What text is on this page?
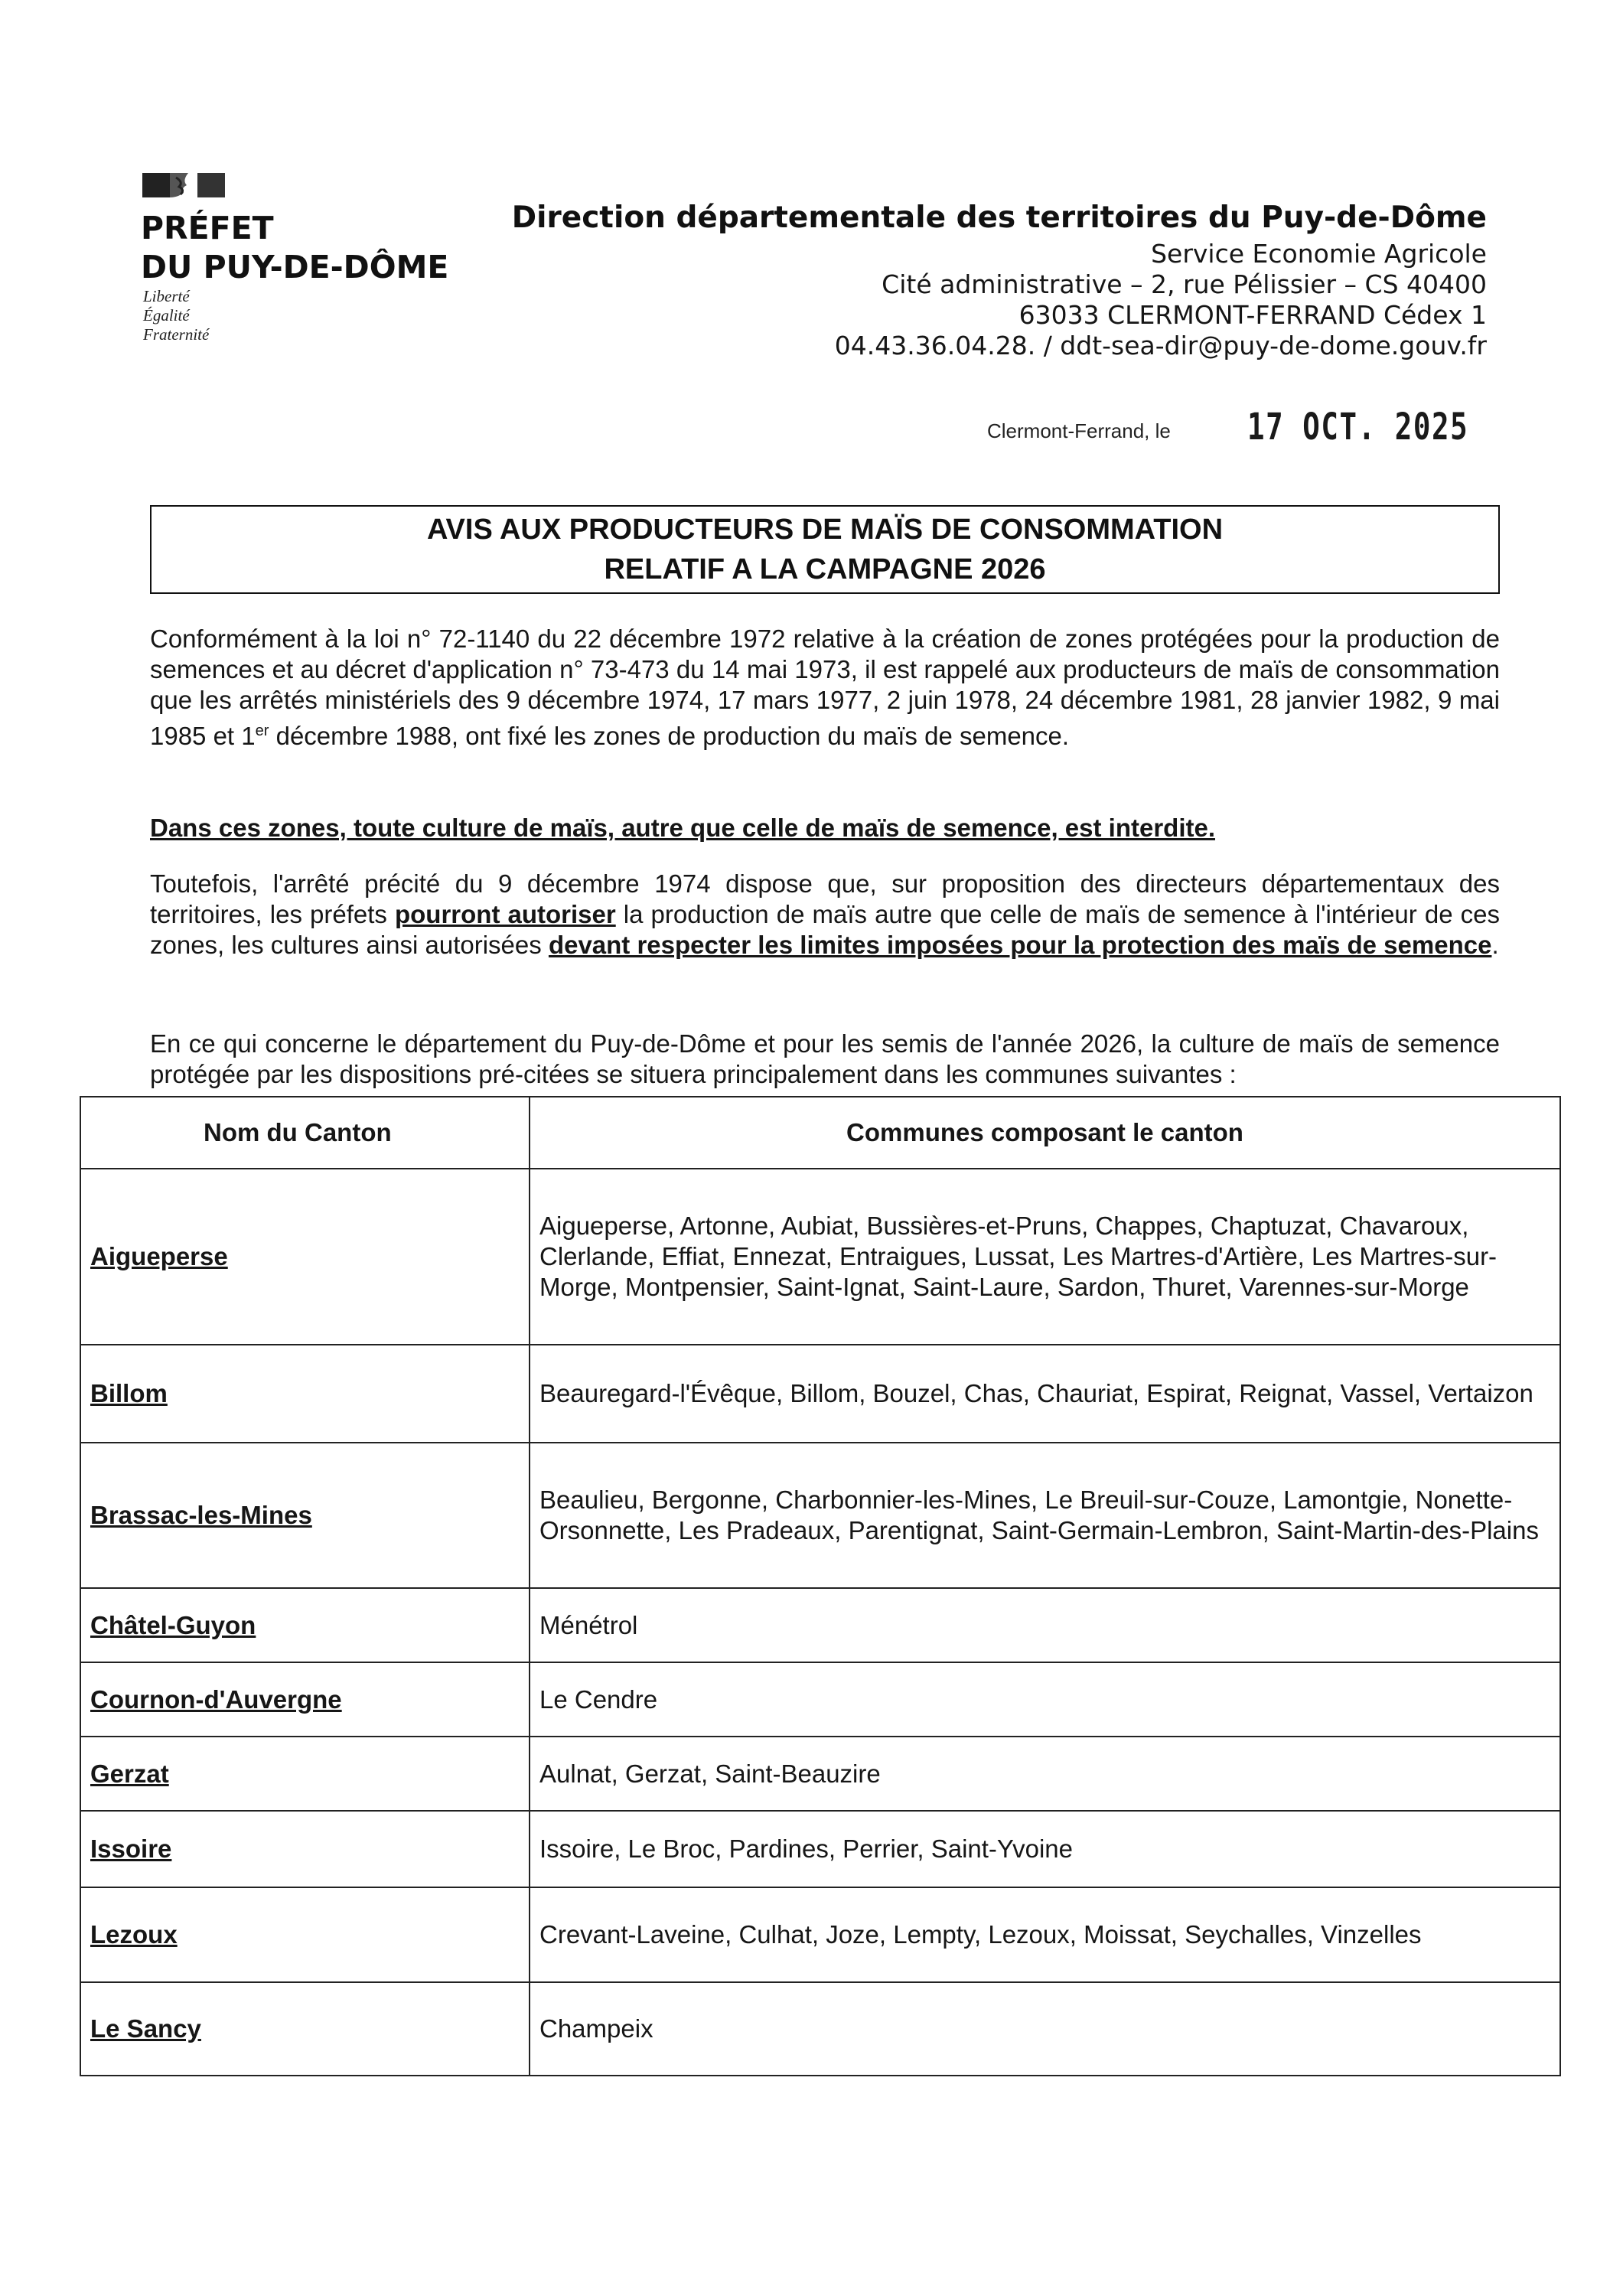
PRÉFET
DU PUY-DE-DÔME
Liberté
Égalité
Fraternité
Direction départementale des territoires du Puy-de-Dôme
Service Economie Agricole
Cité administrative – 2, rue Pélissier – CS 40400
63033 CLERMONT-FERRAND Cédex 1
04.43.36.04.28. / ddt-sea-dir@puy-de-dome.gouv.fr
Clermont-Ferrand, le 17 OCT. 2025
AVIS AUX PRODUCTEURS DE MAÏS DE CONSOMMATION
RELATIF A LA CAMPAGNE 2026
Conformément à la loi n° 72-1140 du 22 décembre 1972 relative à la création de zones protégées pour la production de semences et au décret d'application n° 73-473 du 14 mai 1973, il est rappelé aux producteurs de maïs de consommation que les arrêtés ministériels des 9 décembre 1974, 17 mars 1977, 2 juin 1978, 24 décembre 1981, 28 janvier 1982, 9 mai 1985 et 1er décembre 1988, ont fixé les zones de production du maïs de semence.
Dans ces zones, toute culture de maïs, autre que celle de maïs de semence, est interdite.
Toutefois, l'arrêté précité du 9 décembre 1974 dispose que, sur proposition des directeurs départementaux des territoires, les préfets pourront autoriser la production de maïs autre que celle de maïs de semence à l'intérieur de ces zones, les cultures ainsi autorisées devant respecter les limites imposées pour la protection des maïs de semence.
En ce qui concerne le département du Puy-de-Dôme et pour les semis de l'année 2026, la culture de maïs de semence protégée par les dispositions pré-citées se situera principalement dans les communes suivantes :
Nom du Canton	Communes composant le canton
Aigueperse	Aigueperse, Artonne, Aubiat, Bussières-et-Pruns, Chappes, Chaptuzat, Chavaroux, Clerlande, Effiat, Ennezat, Entraigues, Lussat, Les Martres-d'Artière, Les Martres-sur-Morge, Montpensier, Saint-Ignat, Saint-Laure, Sardon, Thuret, Varennes-sur-Morge
Billom	Beauregard-l'Évêque, Billom, Bouzel, Chas, Chauriat, Espirat, Reignat, Vassel, Vertaizon
Brassac-les-Mines	Beaulieu, Bergonne, Charbonnier-les-Mines, Le Breuil-sur-Couze, Lamontgie, Nonette-Orsonnette, Les Pradeaux, Parentignat, Saint-Germain-Lembron, Saint-Martin-des-Plains
Châtel-Guyon	Ménétrol
Cournon-d'Auvergne	Le Cendre
Gerzat	Aulnat, Gerzat, Saint-Beauzire
Issoire	Issoire, Le Broc, Pardines, Perrier, Saint-Yvoine
Lezoux	Crevant-Laveine, Culhat, Joze, Lempty, Lezoux, Moissat, Seychalles, Vinzelles
Le Sancy	Champeix
